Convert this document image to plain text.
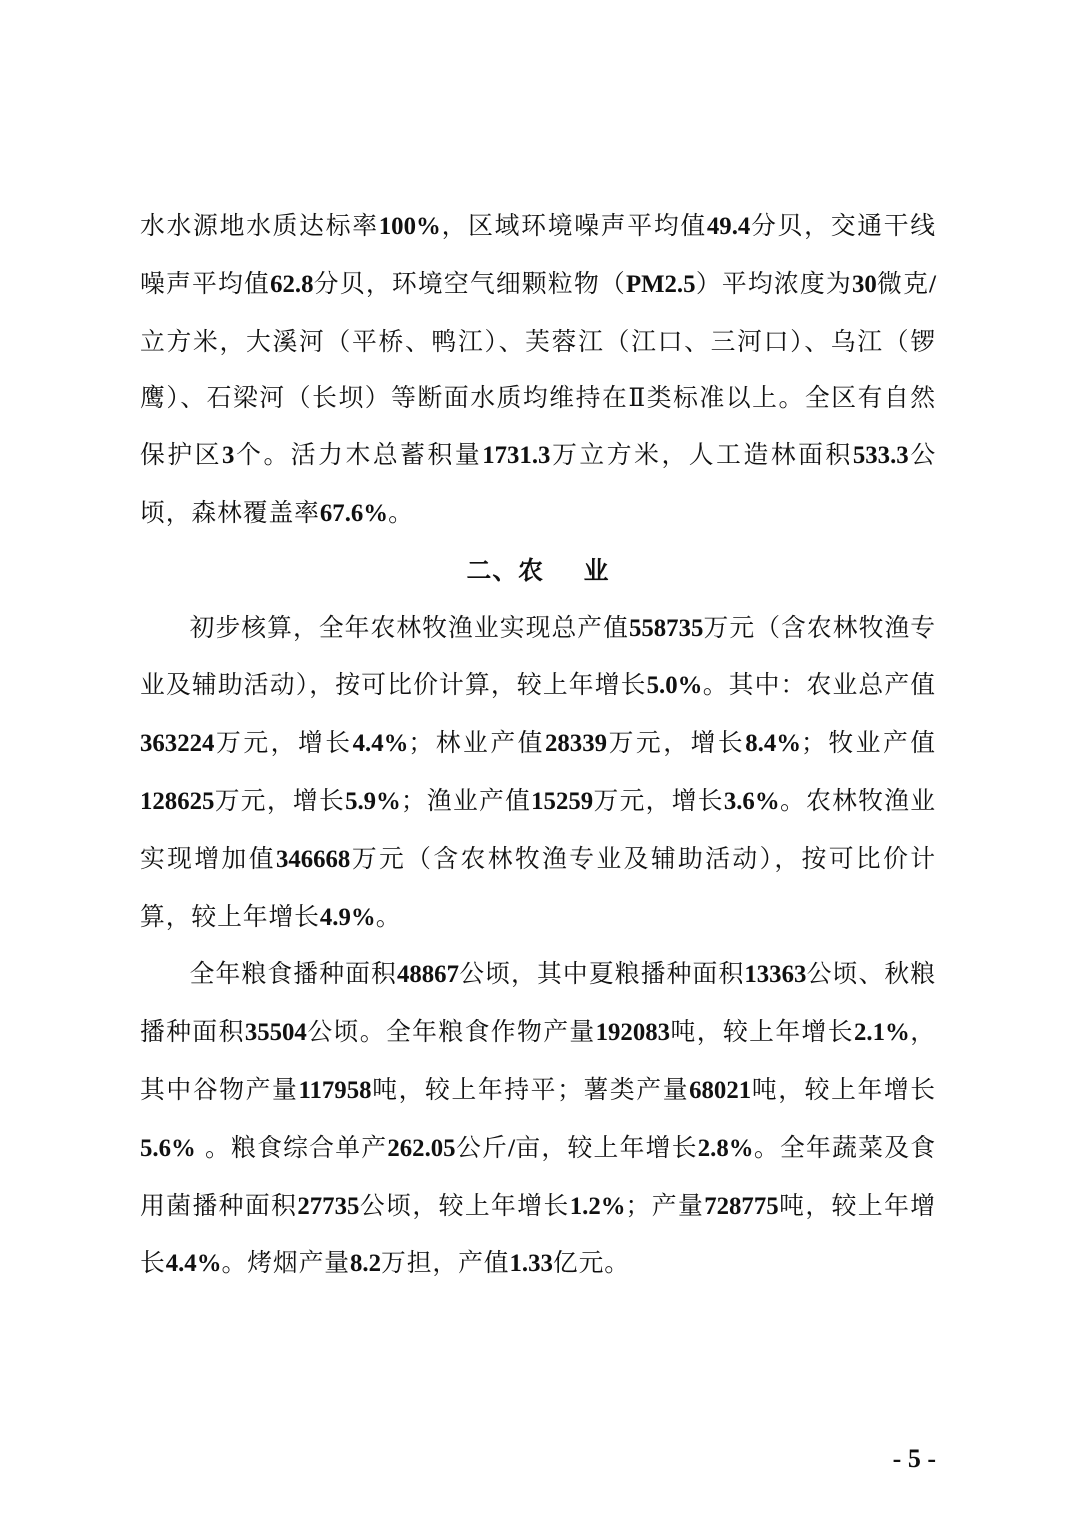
水水源地水质达标率100%，区域环境噪声平均值49.4分贝，交通干线噪声平均值62.8分贝，环境空气细颗粒物（PM2.5）平均浓度为30微克/立方米，大溪河（平桥、鸭江）、芙蓉江（江口、三河口）、乌江（锣鹰）、石梁河（长坝）等断面水质均维持在Ⅱ类标准以上。全区有自然保护区3个。活力木总蓄积量1731.3万立方米，人工造林面积533.3公顷，森林覆盖率67.6%。

二、农 业

初步核算，全年农林牧渔业实现总产值558735万元（含农林牧渔专业及辅助活动），按可比价计算，较上年增长5.0%。其中：农业总产值363224万元，增长4.4%；林业产值28339万元，增长8.4%；牧业产值128625万元，增长5.9%；渔业产值15259万元，增长3.6%。农林牧渔业实现增加值346668万元（含农林牧渔专业及辅助活动），按可比价计算，较上年增长4.9%。

全年粮食播种面积48867公顷，其中夏粮播种面积13363公顷、秋粮播种面积35504公顷。全年粮食作物产量192083吨，较上年增长2.1%，其中谷物产量117958吨，较上年持平；薯类产量68021吨，较上年增长5.6% 。粮食综合单产262.05公斤/亩，较上年增长2.8%。全年蔬菜及食用菌播种面积27735公顷，较上年增长1.2%；产量728775吨，较上年增长4.4%。烤烟产量8.2万担，产值1.33亿元。

- 5 -
